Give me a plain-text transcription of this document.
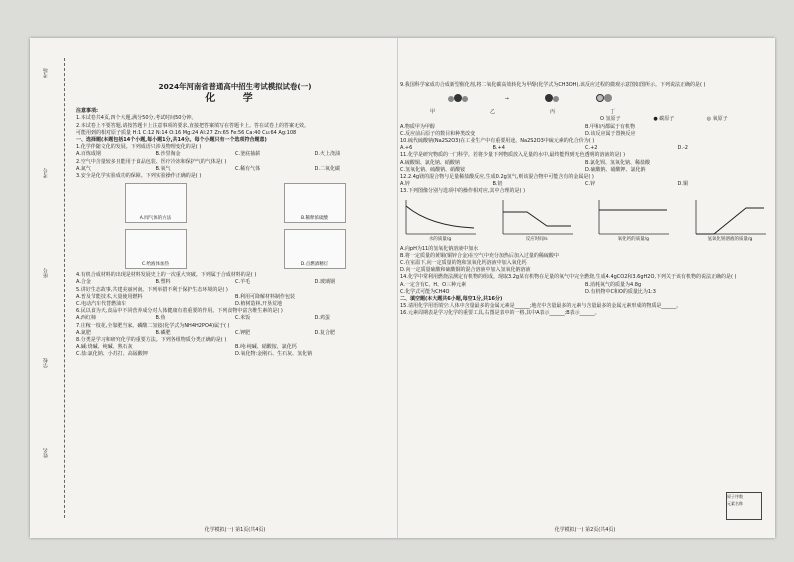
考场
考号
座号
学校
姓名
2024年河南省普通高中招生考试模拟试卷(一)
化 学

注意事项:

1.本试卷共4页,四个大题,满分50分,考试时间50分钟。

2.本试卷上不要答题,请按答题卡上注意事项的要求,直接把答案填写在答题卡上。答在试卷上的答案无效。

可能用到的相对原子质量 H:1 C:12 N:14 O:16 Mg:24 Al:27 Zn:65 Fe:56 Ca:40 Cu:64 Ag:108

一、选择题(本题包括14个小题,每小题1分,共14分。每个小题只有一个选项符合题意)

1.化学伴随文化的发展。下列成语只涉及物理变化的是( )

A.百炼成钢	B.沙里淘金	C.釜底抽薪	D.火上浇油

2.空气中含量较多且能用于食品包装、医疗冷冻和保护气的气体是( )

A.氮气	B.氧气	C.稀有气体	D.二氧化碳

3.安全是化学实验成功的保障。下列实验操作正确的是( )

A.闻气体的方法	B.稀释浓硫酸
C.给液体加热	D.点燃酒精灯

4.有机合成材料的出现是材料发展史上的一次重大突破。下列属于合成材料的是( )

A.合金	B.塑料	C.羊毛	D.玻璃钢

5.讲好生态故事,共建美丽河南。下列举措不利于保护生态环境的是( )

A.普及节能技术,大量使用燃料	B.利用可降解材料制作包装
C.电动汽车代替燃油车	D.植树造林,开垦荒地

6.民以食为天,食品中不同营养成分对人体健康有着重要的作用。下列食物中富含维生素的是( )

A.西红柿	B.鱼	C.米饭	D.鸡蛋

7.庄稼一枝花,全靠肥当家。磷酸二氢铵(化学式为NH4H2PO4)属于( )

A.氮肥	B.磷肥	C.钾肥	D.复合肥

8.分类是学习和研究化学的重要方法。下列各组物质分类正确的是( )

A.碱:烧碱、纯碱、熟石灰	B.纯:纯碱、硝酸铵、氯化钙
C.盐:氯化钠、小苏打、高锰酸钾	D.氧化物:金刚石、生石灰、氢化钠
化学模拟(一) 第1页(共4页)

9.我国科学家成功合成新型催化剂,将二氧化碳高效转化为甲醇(化学式为CH3OH),该反应过程的微观示意图如图所示。下列说法正确的是( )

→
甲	乙	丙	丁
O 氢原子	● 碳原子	◎ 氧原子
A.物质甲为甲醇	B.甲和丙都属于有机物
C.反应前后原子的数目和种类改变	D.该反应属于置换反应

10.硫代硫酸钠(Na2S2O3)在工业生产中有重要用途。Na2S2O3中硫元素的化合价为( )

A.+6	B.+4	C.+2	D.-2

11.化学是研究物质的一门科学。若将少量下列物质放入足量的水中,最终能得到无色透明的溶液的是( )

A.硫酸铜、氯化钠、硝酸钠	B.氯化钡、氢氧化钠、稀盐酸
C.氢氧化钠、硫酸钠、硝酸铵	D.硫酸钠、硝酸钾、氯化钠

12.2.4g镁的混合物与足量稀盐酸反应,生成0.2g氢气,则该混合物中可能含有的金属是( )

A.锌	B.铝	C.锌	D.铜

13.下列图像分别与选项中的操作相对应,其中合理的是( )

水的质量/g	反应时间/s	氧化钙的质量/g	氢氧化钠溶液的质量/g

A.向pH为11的氢氧化钠溶液中加水

B.将一定质量的黄铜(铜锌合金)在空气中充分加热后加入过量的稀硫酸中

C.在室温下,向一定质量的饱和氢氧化钙溶液中加入氧化钙

D.向一定质量硫酸和硫酸铜的混合溶液中加入氢氧化钠溶液

14.化学中常利用燃烧法测定有机物的组成。现取3.2g某有机物在足量的氧气中完全燃烧,生成4.4gCO2和3.6gH2O,下列关于该有机物的说法正确的是( )

A.一定含有C、H、O三种元素	B.消耗氧气的质量为4.8g
C.化学式可能为CH4O	D.有机物中C和O的质量比为1:3

二、填空题(本大题共6小题,每空1分,共16分)

15.请用化学用语填空:人体中含量最多的金属元素是______;地壳中含量最多的元素与含量最多的金属元素形成的物质是______。

16.元素周期表是学习化学的重要工具,右图是表中的一格,其中A表示______;B表示______。

原子序数
元素名称
化学模拟(一) 第2页(共4页)
